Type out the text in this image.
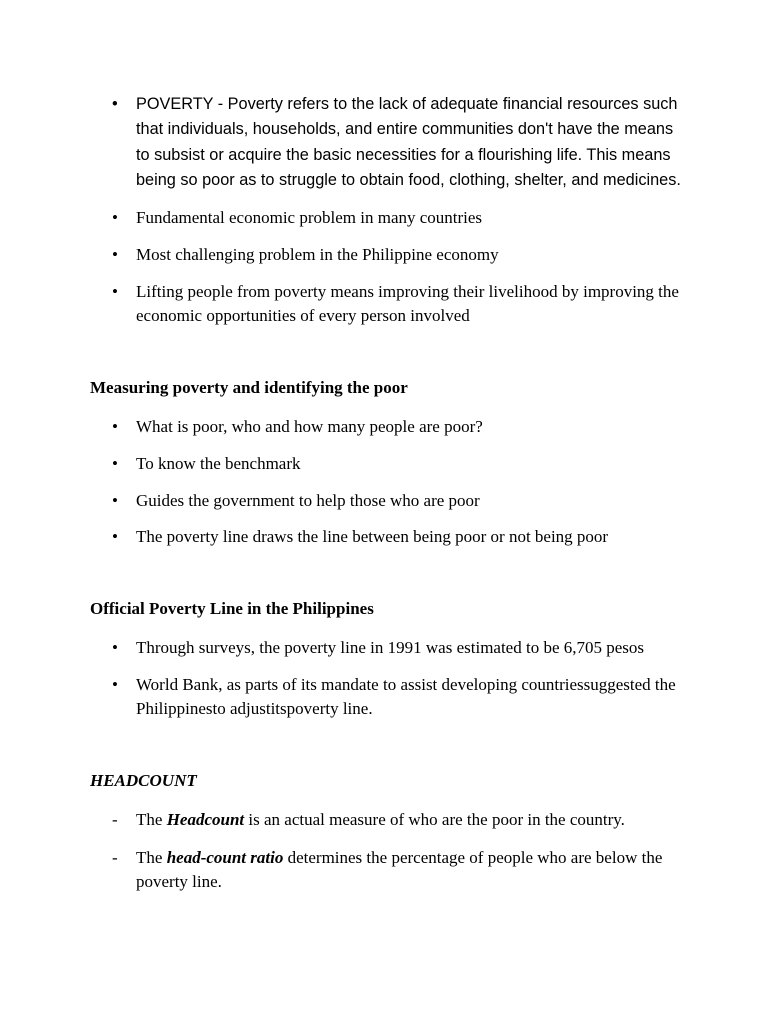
• POVERTY - Poverty refers to the lack of adequate financial resources such that individuals, households, and entire communities don't have the means to subsist or acquire the basic necessities for a flourishing life. This means being so poor as to struggle to obtain food, clothing, shelter, and medicines.
• Fundamental economic problem in many countries
• Most challenging problem in the Philippine economy
• Lifting people from poverty means improving their livelihood by improving the economic opportunities of every person involved
Measuring poverty and identifying the poor
• What is poor, who and how many people are poor?
• To know the benchmark
• Guides the government to help those who are poor
• The poverty line draws the line between being poor or not being poor
Official Poverty Line in the Philippines
• Through surveys, the poverty line in 1991 was estimated to be 6,705 pesos
• World Bank, as parts of its mandate to assist developing countriessuggested the Philippinesto adjustitspoverty line.
HEADCOUNT
- The Headcount is an actual measure of who are the poor in the country.
- The head-count ratio determines the percentage of people who are below the poverty line.
